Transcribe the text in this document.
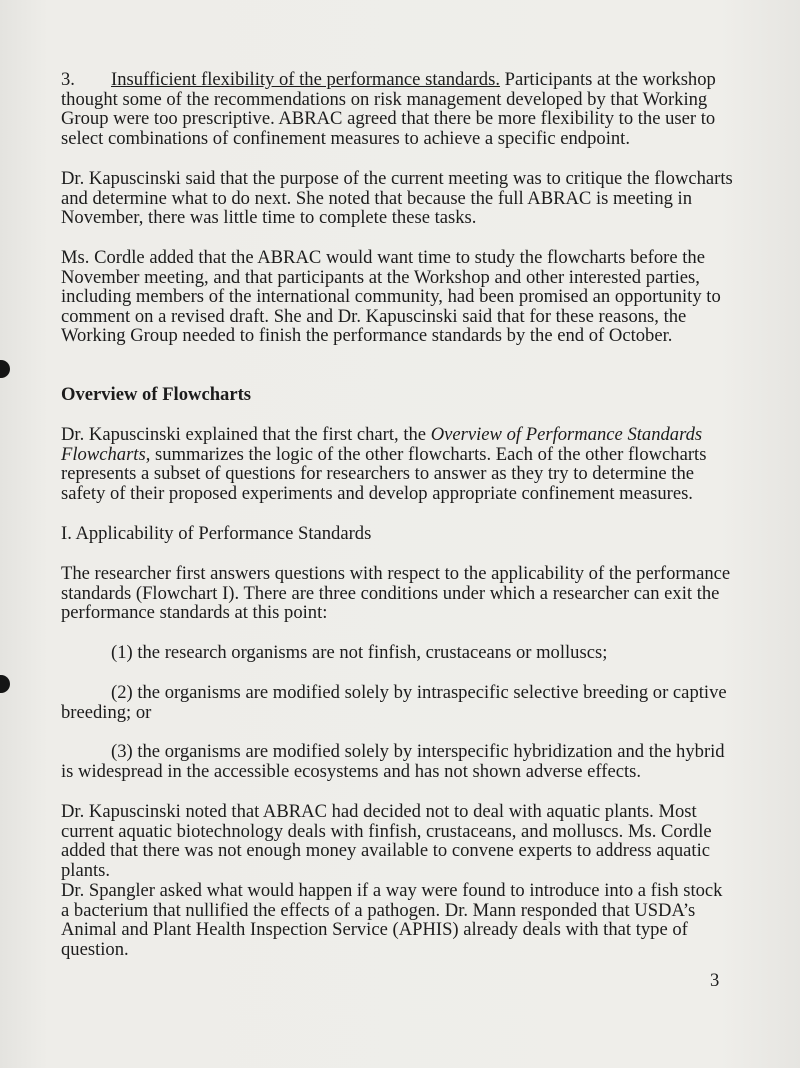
3. Insufficient flexibility of the performance standards. Participants at the workshop thought some of the recommendations on risk management developed by that Working Group were too prescriptive. ABRAC agreed that there be more flexibility to the user to select combinations of confinement measures to achieve a specific endpoint.

Dr. Kapuscinski said that the purpose of the current meeting was to critique the flowcharts and determine what to do next. She noted that because the full ABRAC is meeting in November, there was little time to complete these tasks.

Ms. Cordle added that the ABRAC would want time to study the flowcharts before the November meeting, and that participants at the Workshop and other interested parties, including members of the international community, had been promised an opportunity to comment on a revised draft. She and Dr. Kapuscinski said that for these reasons, the Working Group needed to finish the performance standards by the end of October.

Overview of Flowcharts

Dr. Kapuscinski explained that the first chart, the Overview of Performance Standards Flowcharts, summarizes the logic of the other flowcharts. Each of the other flowcharts represents a subset of questions for researchers to answer as they try to determine the safety of their proposed experiments and develop appropriate confinement measures.

I. Applicability of Performance Standards

The researcher first answers questions with respect to the applicability of the performance standards (Flowchart I). There are three conditions under which a researcher can exit the performance standards at this point:

(1) the research organisms are not finfish, crustaceans or molluscs;

(2) the organisms are modified solely by intraspecific selective breeding or captive breeding; or

(3) the organisms are modified solely by interspecific hybridization and the hybrid is widespread in the accessible ecosystems and has not shown adverse effects.

Dr. Kapuscinski noted that ABRAC had decided not to deal with aquatic plants. Most current aquatic biotechnology deals with finfish, crustaceans, and molluscs. Ms. Cordle added that there was not enough money available to convene experts to address aquatic plants.

Dr. Spangler asked what would happen if a way were found to introduce into a fish stock a bacterium that nullified the effects of a pathogen. Dr. Mann responded that USDA’s Animal and Plant Health Inspection Service (APHIS) already deals with that type of question.

3
